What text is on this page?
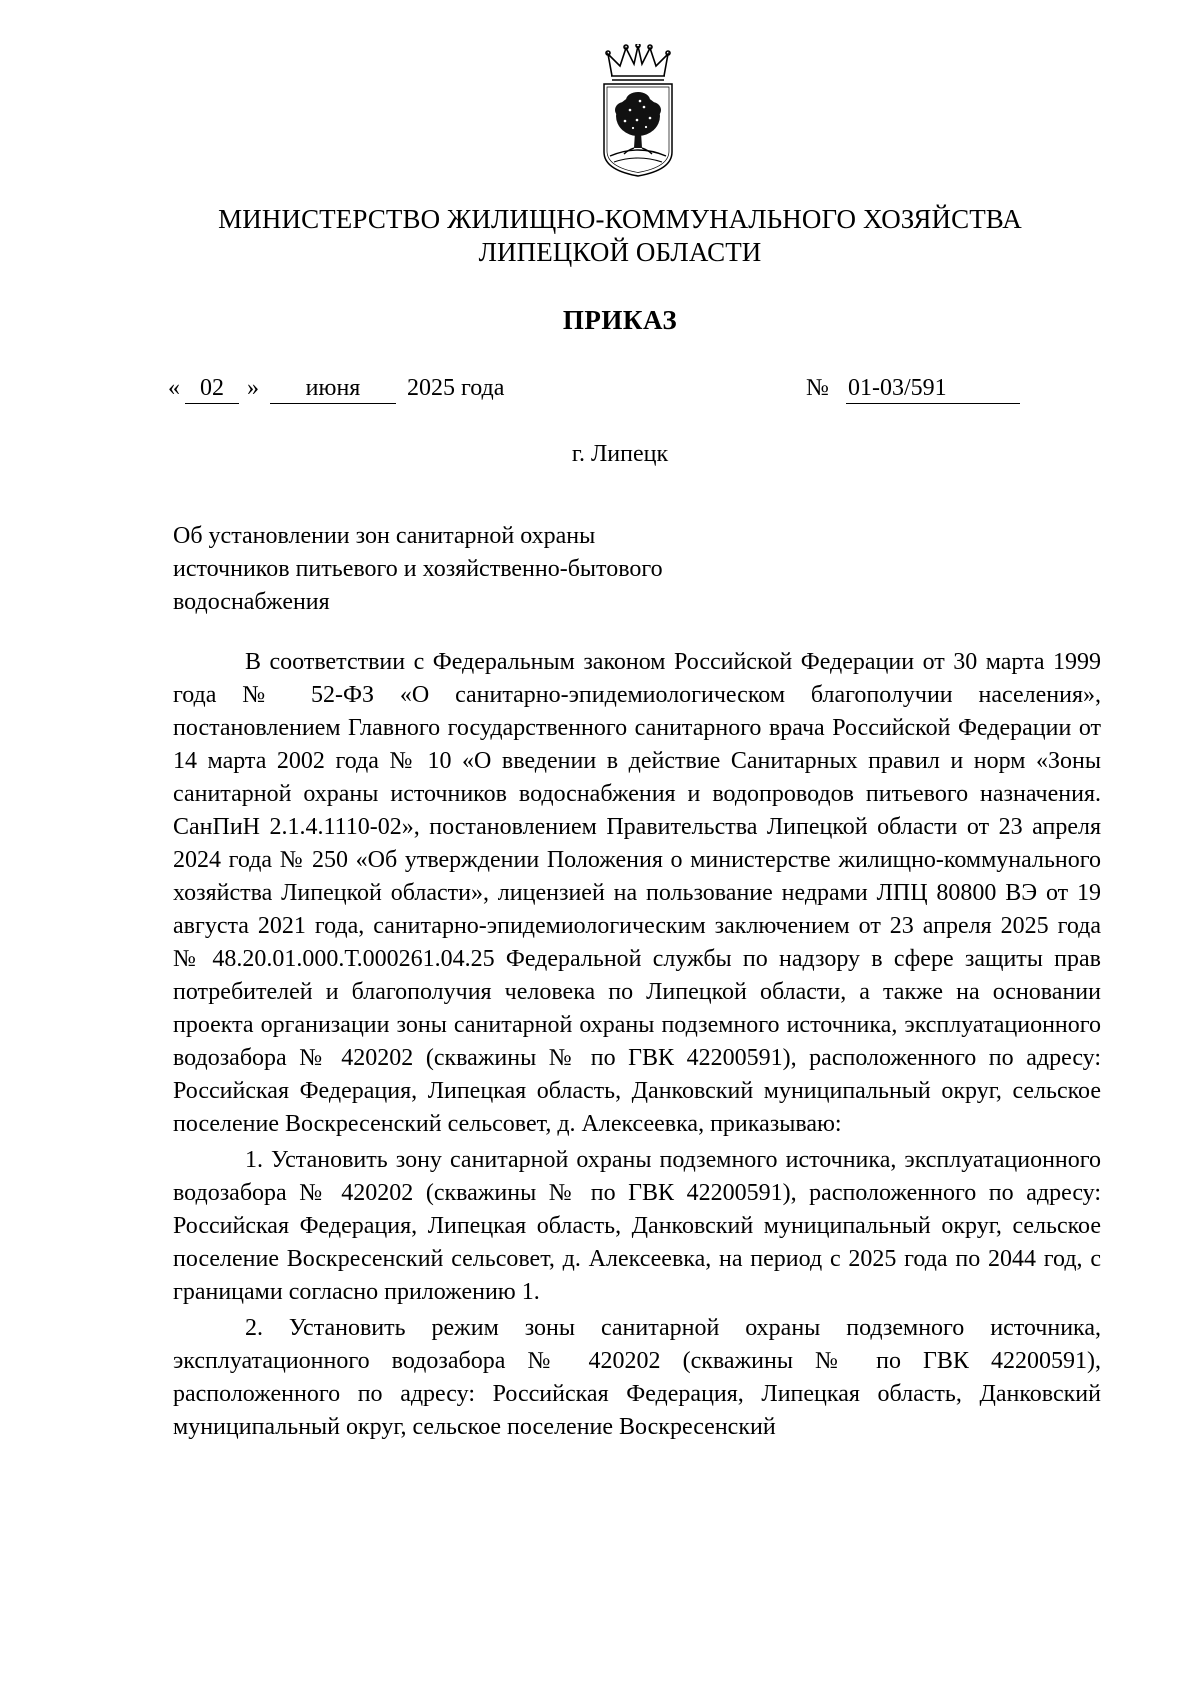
МИНИСТЕРСТВО ЖИЛИЩНО-КОММУНАЛЬНОГО ХОЗЯЙСТВА
ЛИПЕЦКОЙ ОБЛАСТИ
ПРИКАЗ
« 02 »	июня	2025 года	№ 01-03/591
г. Липецк
Об установлении зон санитарной охраны
источников питьевого и хозяйственно-бытового
водоснабжения

В соответствии с Федеральным законом Российской Федерации от 30 марта 1999 года № 52-ФЗ «О санитарно-эпидемиологическом благополучии населения», постановлением Главного государственного санитарного врача Российской Федерации от 14 марта 2002 года № 10 «О введении в действие Санитарных правил и норм «Зоны санитарной охраны источников водоснабжения и водопроводов питьевого назначения. СанПиН 2.1.4.1110-02», постановлением Правительства Липецкой области от 23 апреля 2024 года № 250 «Об утверждении Положения о министерстве жилищно-коммунального хозяйства Липецкой области», лицензией на пользование недрами ЛПЦ 80800 ВЭ от 19 августа 2021 года, санитарно-эпидемиологическим заключением от 23 апреля 2025 года № 48.20.01.000.Т.000261.04.25 Федеральной службы по надзору в сфере защиты прав потребителей и благополучия человека по Липецкой области, а также на основании проекта организации зоны санитарной охраны подземного источника, эксплуатационного водозабора № 420202 (скважины № по ГВК 42200591), расположенного по адресу: Российская Федерация, Липецкая область, Данковский муниципальный округ, сельское поселение Воскресенский сельсовет, д. Алексеевка, приказываю:

1. Установить зону санитарной охраны подземного источника, эксплуатационного водозабора № 420202 (скважины № по ГВК 42200591), расположенного по адресу: Российская Федерация, Липецкая область, Данковский муниципальный округ, сельское поселение Воскресенский сельсовет, д. Алексеевка, на период с 2025 года по 2044 год, с границами согласно приложению 1.

2. Установить режим зоны санитарной охраны подземного источника, эксплуатационного водозабора № 420202 (скважины № по ГВК 42200591), расположенного по адресу: Российская Федерация, Липецкая область, Данковский муниципальный округ, сельское поселение Воскресенский
